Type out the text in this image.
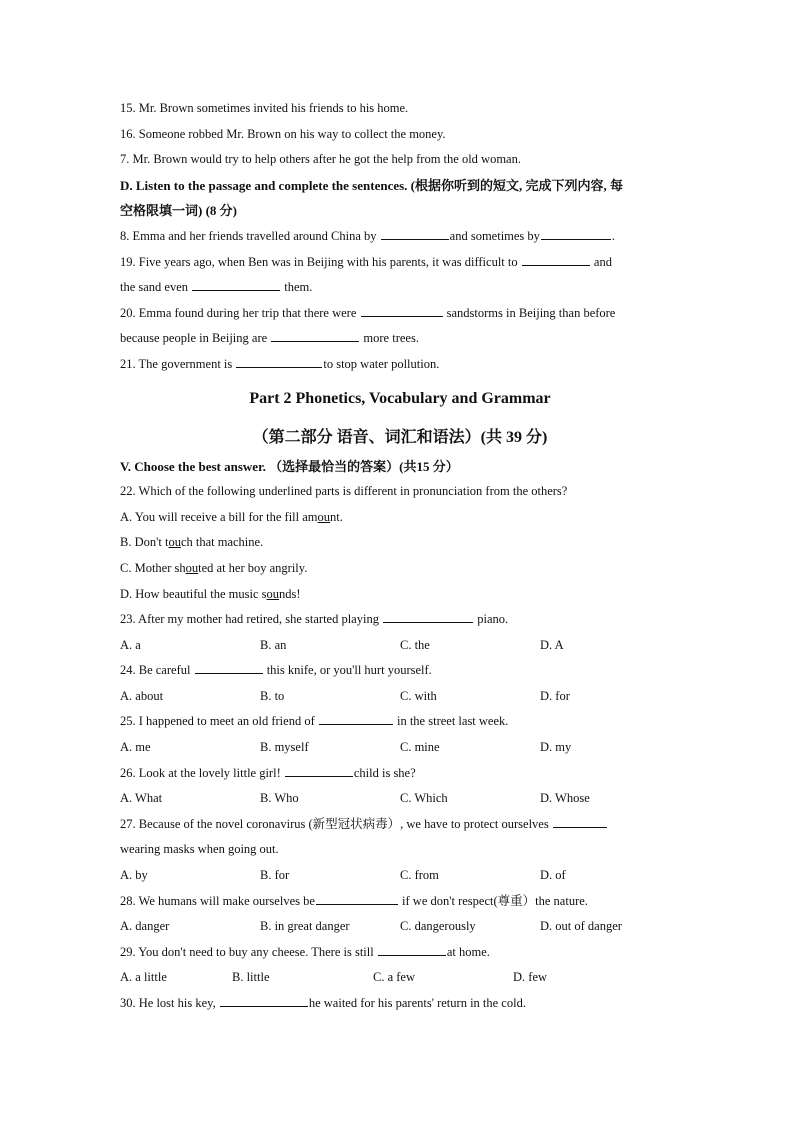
15. Mr. Brown sometimes invited his friends to his home.
16. Someone robbed Mr. Brown on his way to collect the money.
7. Mr. Brown would try to help others after he got the help from the old woman.
D. Listen to the passage and complete the sentences. (根据你听到的短文, 完成下列内容, 每
空格限填一词) (8 分)
8. Emma and her friends travelled around China by	and sometimes by	.
19. Five years ago, when Ben was in Beijing with his parents, it was difficult to	and
the sand even	them.
20. Emma found during her trip that there were	sandstorms in Beijing than before
because people in Beijing are	more trees.
21. The government is	to stop water pollution.
Part 2 Phonetics, Vocabulary and Grammar
（第二部分 语音、词汇和语法）(共 39 分)
V. Choose the best answer. （选择最恰当的答案）(共15 分）
22. Which of the following underlined parts is different in pronunciation from the others?
A. You will receive a bill for the fill amount.
B. Don't touch that machine.
C. Mother shouted at her boy angrily.
D. How beautiful the music sounds!
23. After my mother had retired, she started playing	piano.
A. a	B. an	C. the	D. A
24. Be careful	this knife, or you'll hurt yourself.
A. about	B. to	C. with	D. for
25. I happened to meet an old friend of	in the street last week.
A. me	B. myself	C. mine	D. my
26. Look at the lovely little girl!	child is she?
A. What	B. Who	C. Which	D. Whose
27. Because of the novel coronavirus (新型冠状病毒）, we have to protect ourselves
wearing masks when going out.
A. by	B. for	C. from	D. of
28. We humans will make ourselves be	if we don't respect(尊重）the nature.
A. danger	B. in great danger	C. dangerously	D. out of danger
29. You don't need to buy any cheese. There is still	at home.
A. a little	B. little	C. a few	D. few
30. He lost his key,	he waited for his parents' return in the cold.
